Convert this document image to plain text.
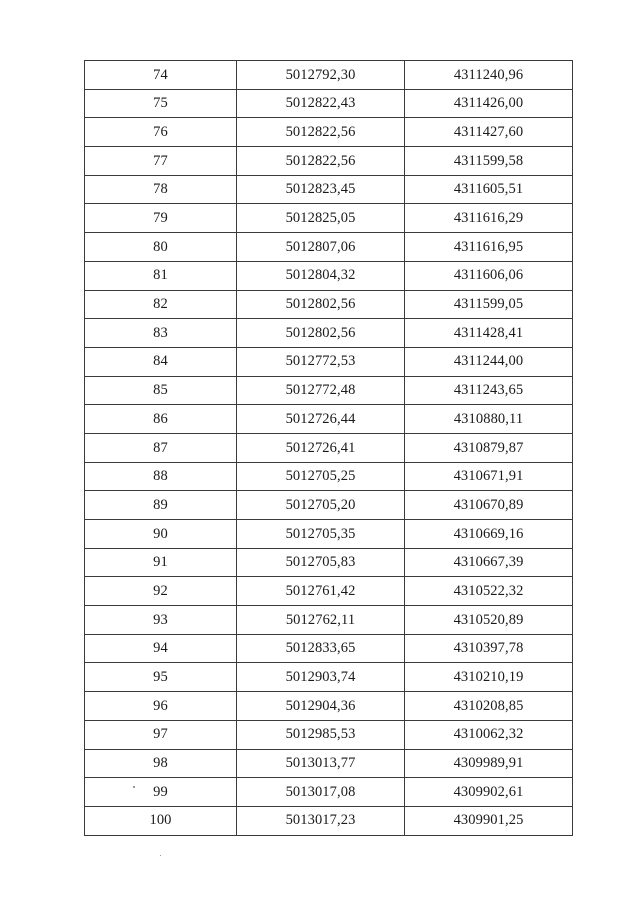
74	5012792,30	4311240,96
75	5012822,43	4311426,00
76	5012822,56	4311427,60
77	5012822,56	4311599,58
78	5012823,45	4311605,51
79	5012825,05	4311616,29
80	5012807,06	4311616,95
81	5012804,32	4311606,06
82	5012802,56	4311599,05
83	5012802,56	4311428,41
84	5012772,53	4311244,00
85	5012772,48	4311243,65
86	5012726,44	4310880,11
87	5012726,41	4310879,87
88	5012705,25	4310671,91
89	5012705,20	4310670,89
90	5012705,35	4310669,16
91	5012705,83	4310667,39
92	5012761,42	4310522,32
93	5012762,11	4310520,89
94	5012833,65	4310397,78
95	5012903,74	4310210,19
96	5012904,36	4310208,85
97	5012985,53	4310062,32
98	5013013,77	4309989,91
99	5013017,08	4309902,61
100	5013017,23	4309901,25
